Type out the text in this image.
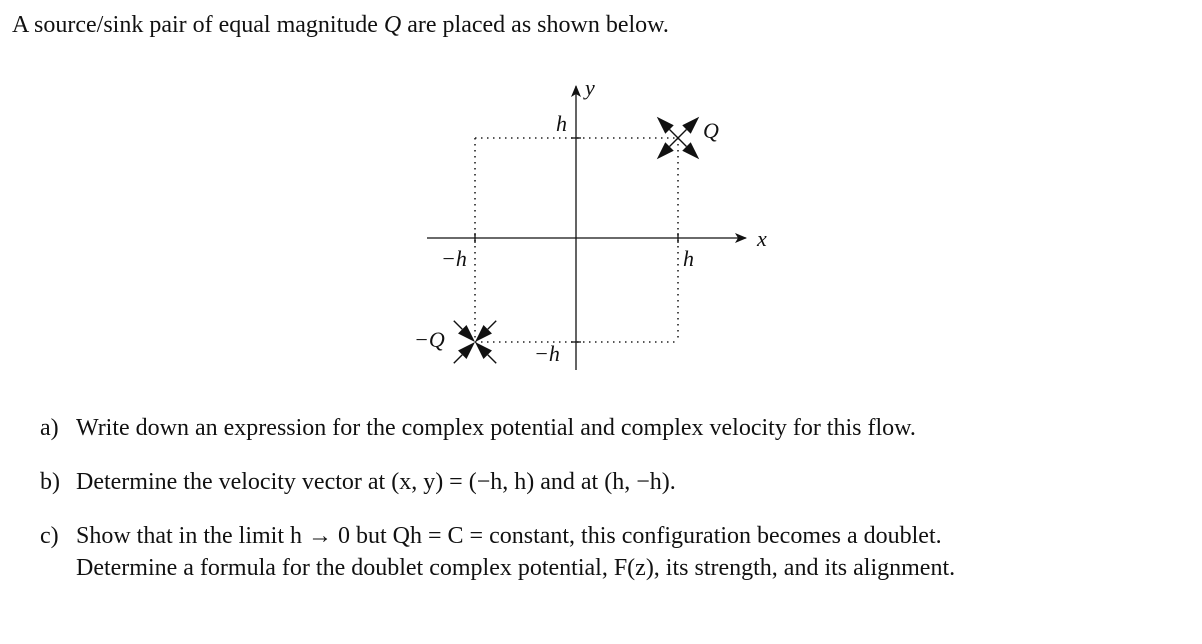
A source/sink pair of equal magnitude Q are placed as shown below.
y
x
h
−h	h
−h
Q
−Q
a) Write down an expression for the complex potential and complex velocity for this flow.
b) Determine the velocity vector at (x, y) = (−h, h) and at (h, −h).
c) Show that in the limit h → 0 but Qh = C = constant, this configuration becomes a doublet.
Determine a formula for the doublet complex potential, F(z), its strength, and its alignment.
